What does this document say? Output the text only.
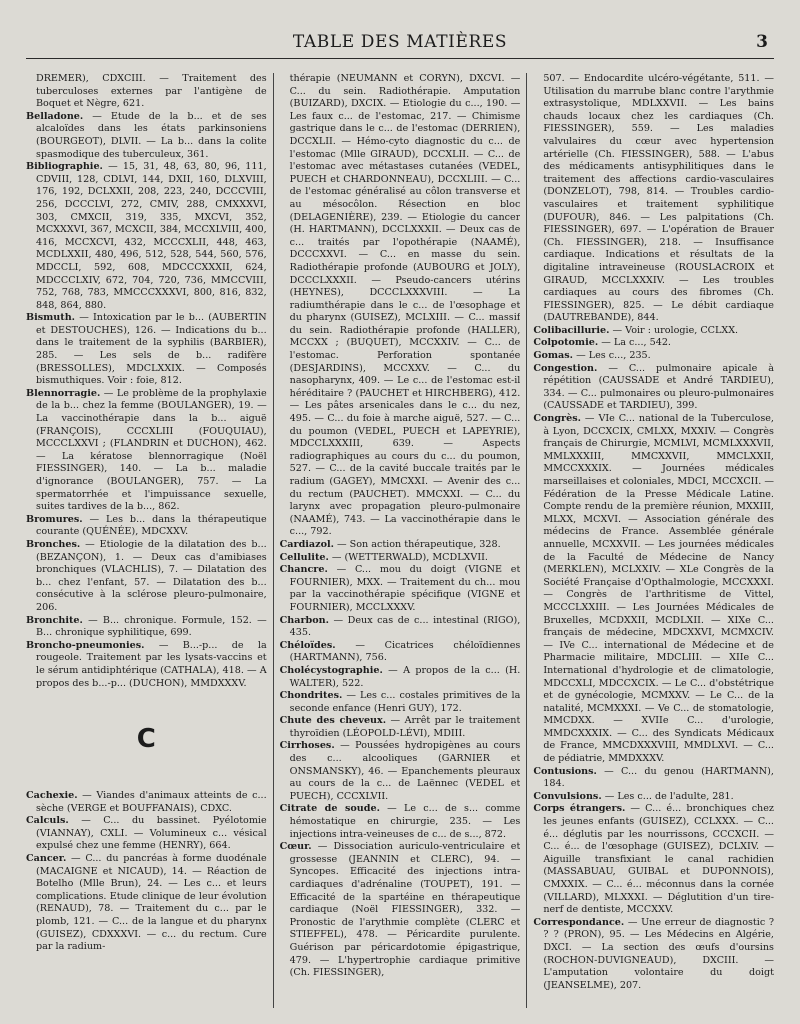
TABLE DES MATIÈRES	3

DREMER), CDXCIII. — Traitement des tuberculoses externes par l'antigène de Boquet et Nègre, 621.

Belladone. — Etude de la b... et de ses alcaloïdes dans les états parkinsoniens (BOURGEOT), DLVII. — La b... dans la colite spasmodique des tuberculeux, 361.

Bibliographie. — 15, 31, 48, 63, 80, 96, 111, CDVIII, 128, CDLVI, 144, DXII, 160, DLXVIII, 176, 192, DCLXXII, 208, 223, 240, DCCCVIII, 256, DCCCLVI, 272, CMIV, 288, CMXXXVI, 303, CMXCII, 319, 335, MXCVI, 352, MCXXXVI, 367, MCXCII, 384, MCCXLVIII, 400, 416, MCCXCVI, 432, MCCCXLII, 448, 463, MCDLXXII, 480, 496, 512, 528, 544, 560, 576, MDCCLI, 592, 608, MDCCCXXXII, 624, MDCCCLXIV, 672, 704, 720, 736, MMCCVIII, 752, 768, 783, MMCCCXXXVI, 800, 816, 832, 848, 864, 880.

Bismuth. — Intoxication par le b... (AUBERTIN et DESTOUCHES), 126. — Indications du b... dans le traitement de la syphilis (BARBIER), 285. — Les sels de b... radifère (BRESSOLLES), MDCLXXIX. — Composés bismuthiques. Voir : foie, 812.

Blennorragie. — Le problème de la prophylaxie de la b... chez la femme (BOULANGER), 19. — La vaccinothérapie dans la b... aiguë (FRANÇOIS), CCCXLIII (FOUQUIAU), MCCCLXXVI ; (FLANDRIN et DUCHON), 462. — La kératose blennorragique (Noël FIESSINGER), 140. — La b... maladie d'ignorance (BOULANGER), 757. — La spermatorrhée et l'impuissance sexuelle, suites tardives de la b..., 862.

Bromures. — Les b... dans la thérapeutique courante (QUÉNÉE), MDCXXV.

Bronches. — Etiologie de la dilatation des b... (BEZANÇON), 1. — Deux cas d'amibiases bronchiques (VLACHLIS), 7. — Dilatation des b... chez l'enfant, 57. — Dilatation des b... consécutive à la sclérose pleuro-pulmonaire, 206.

Bronchite. — B... chronique. Formule, 152. — B... chronique syphilitique, 699.

Broncho-pneumonies. — B...-p... de la rougeole. Traitement par les lysats-vaccins et le sérum antidiphtérique (CATHALA), 418. — A propos des b...-p... (DUCHON), MMDXXXV.

C

Cachexie. — Viandes d'animaux atteints de c... sèche (VERGE et BOUFFANAIS), CDXC.

Calculs. — C... du bassinet. Pyélotomie (VIANNAY), CXLI. — Volumineux c... vésical expulsé chez une femme (HENRY), 664.

Cancer. — C... du pancréas à forme duodénale (MACAIGNE et NICAUD), 14. — Réaction de Botelho (Mlle Brun), 24. — Les c... et leurs complications. Etude clinique de leur évolution (RENAUD), 78. — Traitement du c... par le plomb, 121. — C... de la langue et du pharynx (GUISEZ), CDXXXVI. — c... du rectum. Cure par la radium-

thérapie (NEUMANN et CORYN), DXCVI. — C... du sein. Radiothérapie. Amputation (BUIZARD), DXCIX. — Etiologie du c..., 190. — Les faux c... de l'estomac, 217. — Chimisme gastrique dans le c... de l'estomac (DERRIEN), DCCXLII. — Hémo-cyto diagnostic du c... de l'estomac (Mlle GIRAUD), DCCXLII. — C... de l'estomac avec métastases cutanées (VEDEL, PUECH et CHARDONNEAU), DCCXLIII. — C... de l'estomac généralisé au côlon transverse et au mésocôlon. Résection en bloc (DELAGENIÈRE), 239. — Etiologie du cancer (H. HARTMANN), DCCLXXXII. — Deux cas de c... traités par l'opothérapie (NAAMÉ), DCCCXXVI. — C... en masse du sein. Radiothérapie profonde (AUBOURG et JOLY), DCCCLXXXII. — Pseudo-cancers utérins (HEYNES), DCCCLXXXVIII. — La radiumthérapie dans le c... de l'œsophage et du pharynx (GUISEZ), MCLXIII. — C... massif du sein. Radiothérapie profonde (HALLER), MCCXX ; (BUQUET), MCCXXIV. — C... de l'estomac. Perforation spontanée (DESJARDINS), MCCXXV. — C... du nasopharynx, 409. — Le c... de l'estomac est-il héréditaire ? (PAUCHET et HIRCHBERG), 412. — Les pâtes arsenicales dans le c... du nez, 495. — C... du foie à marche aiguë, 527. — C... du poumon (VEDEL, PUECH et LAPEYRIE), MDCCLXXXIII, 639. — Aspects radiographiques au cours du c... du poumon, 527. — C... de la cavité buccale traités par le radium (GAGEY), MMCXXI. — Avenir des c... du rectum (PAUCHET). MMCXXI. — C... du larynx avec propagation pleuro-pulmonaire (NAAMÉ), 743. — La vaccinothérapie dans le c..., 792.

Cardiazol. — Son action thérapeutique, 328.

Cellulite. — (WETTERWALD), MCDLXVII.

Chancre. — C... mou du doigt (VIGNE et FOURNIER), MXX. — Traitement du ch... mou par la vaccinothérapie spécifique (VIGNE et FOURNIER), MCCLXXXV.

Charbon. — Deux cas de c... intestinal (RIGO), 435.

Chéloïdes. — Cicatrices chéloïdiennes (HARTMANN), 756.

Cholécystographie. — A propos de la c... (H. WALTER), 522.

Chondrites. — Les c... costales primitives de la seconde enfance (Henri GUY), 172.

Chute des cheveux. — Arrêt par le traitement thyroïdien (LÉOPOLD-LÉVI), MDIII.

Cirrhoses. — Poussées hydropigènes au cours des c... alcooliques (GARNIER et ONSMANSKY), 46. — Epanchements pleuraux au cours de la c... de Laënnec (VEDEL et PUECH), CCCXLVII.

Citrate de soude. — Le c... de s... comme hémostatique en chirurgie, 235. — Les injections intra-veineuses de c... de s..., 872.

Cœur. — Dissociation auriculo-ventriculaire et grossesse (JEANNIN et CLERC), 94. — Syncopes. Efficacité des injections intra-cardiaques d'adrénaline (TOUPET), 191. — Efficacité de la spartéine en thérapeutique cardiaque (Noël FIESSINGER), 332. — Pronostic de l'arythmie complète (CLERC et STIEFFEL), 478. — Péricardite purulente. Guérison par péricardotomie épigastrique, 479. — L'hypertrophie cardiaque primitive (Ch. FIESSINGER),

507. — Endocardite ulcéro-végétante, 511. — Utilisation du marrube blanc contre l'arythmie extrasystolique, MDLXXVII. — Les bains chauds locaux chez les cardiaques (Ch. FIESSINGER), 559. — Les maladies valvulaires du cœur avec hypertension artérielle (Ch. FIESSINGER), 588. — L'abus des médicaments antisyphilitiques dans le traitement des affections cardio-vasculaires (DONZELOT), 798, 814. — Troubles cardio-vasculaires et traitement syphilitique (DUFOUR), 846. — Les palpitations (Ch. FIESSINGER), 697. — L'opération de Brauer (Ch. FIESSINGER), 218. — Insuffisance cardiaque. Indications et résultats de la digitaline intraveineuse (ROUSLACROIX et GIRAUD, MCCLXXXIV. — Les troubles cardiaques au cours des fibromes (Ch. FIESSINGER), 825. — Le débit cardiaque (DAUTREBANDE), 844.

Colibacillurie. — Voir : urologie, CCLXX.

Colpotomie. — La c..., 542.

Gomas. — Les c..., 235.

Congestion. — C... pulmonaire apicale à répétition (CAUSSADE et André TARDIEU), 334. — C... pulmonaires ou pleuro-pulmonaires (CAUSSADE et TARDIEU), 399.

Congrès. — VIe C... national de la Tuberculose, à Lyon, DCCXCIX, CMLXX, MXXIV. — Congrès français de Chirurgie, MCMLVI, MCMLXXXVII, MMLXXXIII, MMCXXVII, MMCLXXII, MMCCXXXIX. — Journées médicales marseillaises et coloniales, MDCI, MCCXCII. — Fédération de la Presse Médicale Latine. Compte rendu de la première réunion, MXXIII, MLXX, MCXVI. — Association générale des médecins de France. Assemblée générale annuelle, MCXXVII. — Les journées médicales de la Faculté de Médecine de Nancy (MERKLEN), MCLXXIV. — XLe Congrès de la Société Française d'Opthalmologie, MCCXXXI. — Congrès de l'arthritisme de Vittel, MCCCLXXIII. — Les Journées Médicales de Bruxelles, MCDXXII, MCDLXII. — XIXe C... français de médecine, MDCXXVI, MCMXCIV. — IVe C... international de Médecine et de Pharmacie militaire, MDCLIII. — XIIe C... International d'hydrologie et de climatologie, MDCCXLI, MDCCXCIX. — Le C... d'obstétrique et de gynécologie, MCMXXV. — Le C... de la natalité, MCMXXXI. — Ve C... de stomatologie, MMCDXX. — XVIIe C... d'urologie, MMDCXXXIX. — C... des Syndicats Médicaux de France, MMCDXXXVIII, MMDLXVI. — C... de pédiatrie, MMDXXXV.

Contusions. — C... du genou (HARTMANN), 184.

Convulsions. — Les c... de l'adulte, 281.

Corps étrangers. — C... é... bronchiques chez les jeunes enfants (GUISEZ), CCLXXX. — C... é... déglutis par les nourrissons, CCCXCII. — C... é... de l'œsophage (GUISEZ), DCLXIV. — Aiguille transfixiant le canal rachidien (MASSABUAU, GUIBAL et DUPONNOIS), CMXXIX. — C... é... méconnus dans la cornée (VILLARD), MLXXXI. — Déglutition d'un tire-nerf de dentiste, MCCXXV.

Correspondance. — Une erreur de diagnostic ? ? ? (PRON), 95. — Les Médecins en Algérie, DXCI. — La section des œufs d'oursins (ROCHON-DUVIGNEAUD), DXCIII. — L'amputation volontaire du doigt (JEANSELME), 207.
